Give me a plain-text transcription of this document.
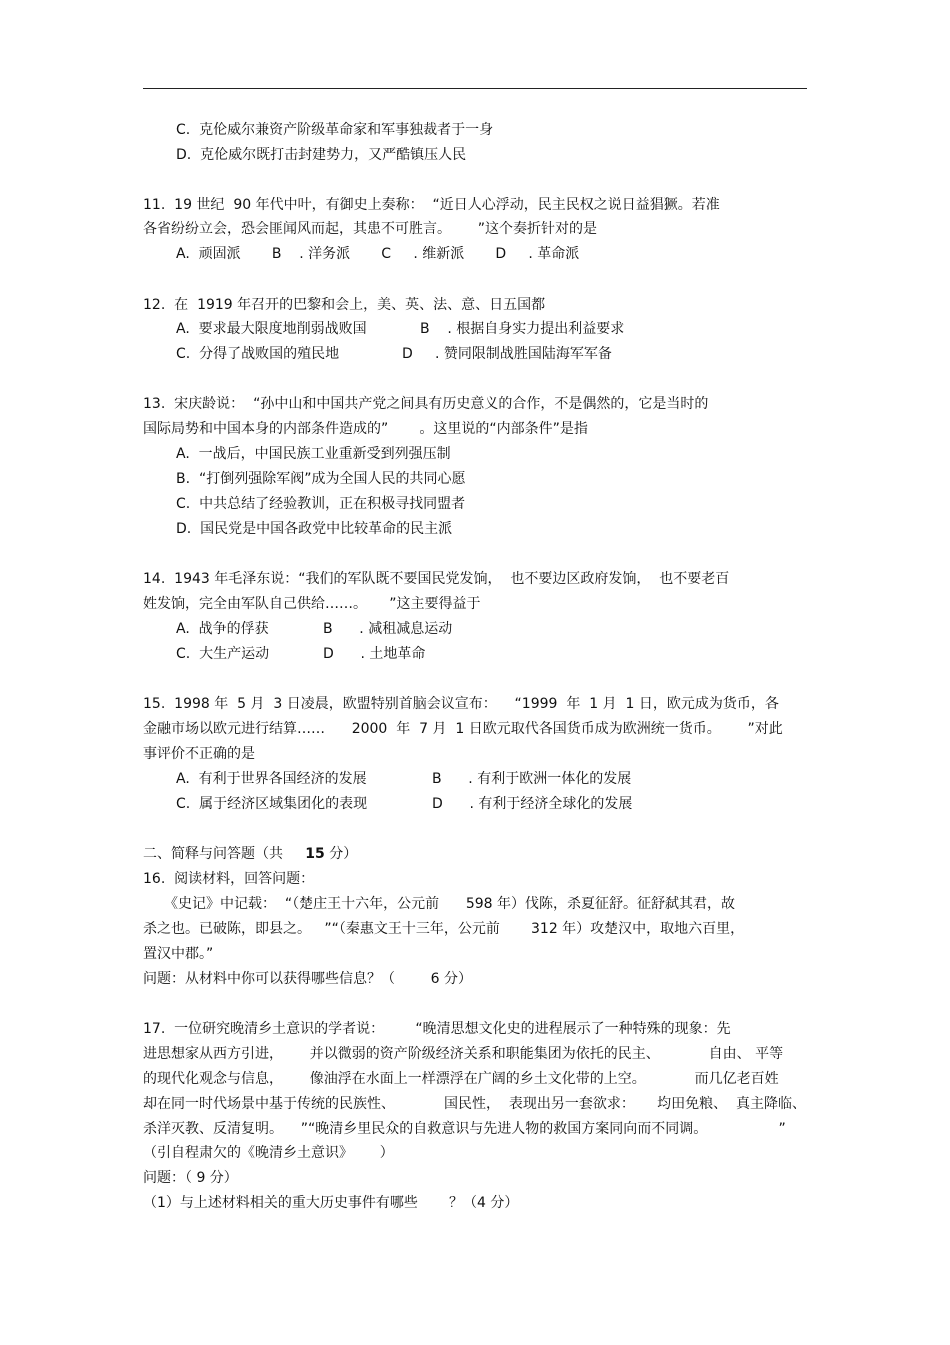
C.  克伦威尔兼资产阶级革命家和军事独裁者于一身
D.  克伦威尔既打击封建势力，又严酷镇压人民
11.  19 世纪  90 年代中叶，有御史上奏称：  “近日人心浮动，民主民权之说日益猖獗。若准
各省纷纷立会，恐会匪闻风而起，其患不可胜言。      ”这个奏折针对的是
A.  顽固派       B    . 洋务派       C     . 维新派       D     . 革命派
12.  在  1919 年召开的巴黎和会上，美、英、法、意、日五国都
A.  要求最大限度地削弱战败国	B    . 根据自身实力提出利益要求
C.  分得了战败国的殖民地	D     . 赞同限制战胜国陆海军军备
13.  宋庆龄说：  “孙中山和中国共产党之间具有历史意义的合作，不是偶然的，它是当时的
国际局势和中国本身的内部条件造成的”       。这里说的“内部条件”是指
A.  一战后，中国民族工业重新受到列强压制
B.  “打倒列强除军阀”成为全国人民的共同心愿
C.  中共总结了经验教训，正在积极寻找同盟者
D.  国民党是中国各政党中比较革命的民主派
14.  1943 年毛泽东说：“我们的军队既不要国民党发饷，  也不要边区政府发饷，  也不要老百
姓发饷，完全由军队自己供给……。     ”这主要得益于
A.  战争的俘获	B      . 减租减息运动
C.  大生产运动	D      . 土地革命
15.  1998 年  5 月  3 日凌晨，欧盟特别首脑会议宣布：    “1999  年  1 月  1 日，欧元成为货币，各
金融市场以欧元进行结算……      2000  年  7 月  1 日欧元取代各国货币成为欧洲统一货币。      ”对此
事评价不正确的是
A.  有利于世界各国经济的发展	B      . 有利于欧洲一体化的发展
C.  属于经济区域集团化的表现	D      . 有利于经济全球化的发展
二、简释与问答题（共     15 分）
16.  阅读材料，回答问题：
《史记》中记载：  “（楚庄王十六年，公元前      598 年）伐陈，杀夏征舒。征舒弑其君，故
杀之也。已破陈，即县之。   ”“（秦惠文王十三年，公元前       312 年）攻楚汉中，取地六百里，
置汉中郡。”
问题：从材料中你可以获得哪些信息？（        6 分）
17.  一位研究晚清乡土意识的学者说：       “晚清思想文化史的进程展示了一种特殊的现象：先
进思想家从西方引进，      并以微弱的资产阶级经济关系和职能集团为依托的民主、           自由、 平等
的现代化观念与信息，      像油浮在水面上一样漂浮在广阔的乡土文化带的上空。           而几亿老百姓
却在同一时代场景中基于传统的民族性、           国民性，  表现出另一套欲求：     均田免粮、  真主降临、
杀洋灭教、反清复明。    ”“晚清乡里民众的自救意识与先进人物的救国方案同向而不同调。                ”
（引自程肃欠的《晚清乡土意识》      ）
问题：（ 9 分）
（1）与上述材料相关的重大历史事件有哪些       ？（4 分）
